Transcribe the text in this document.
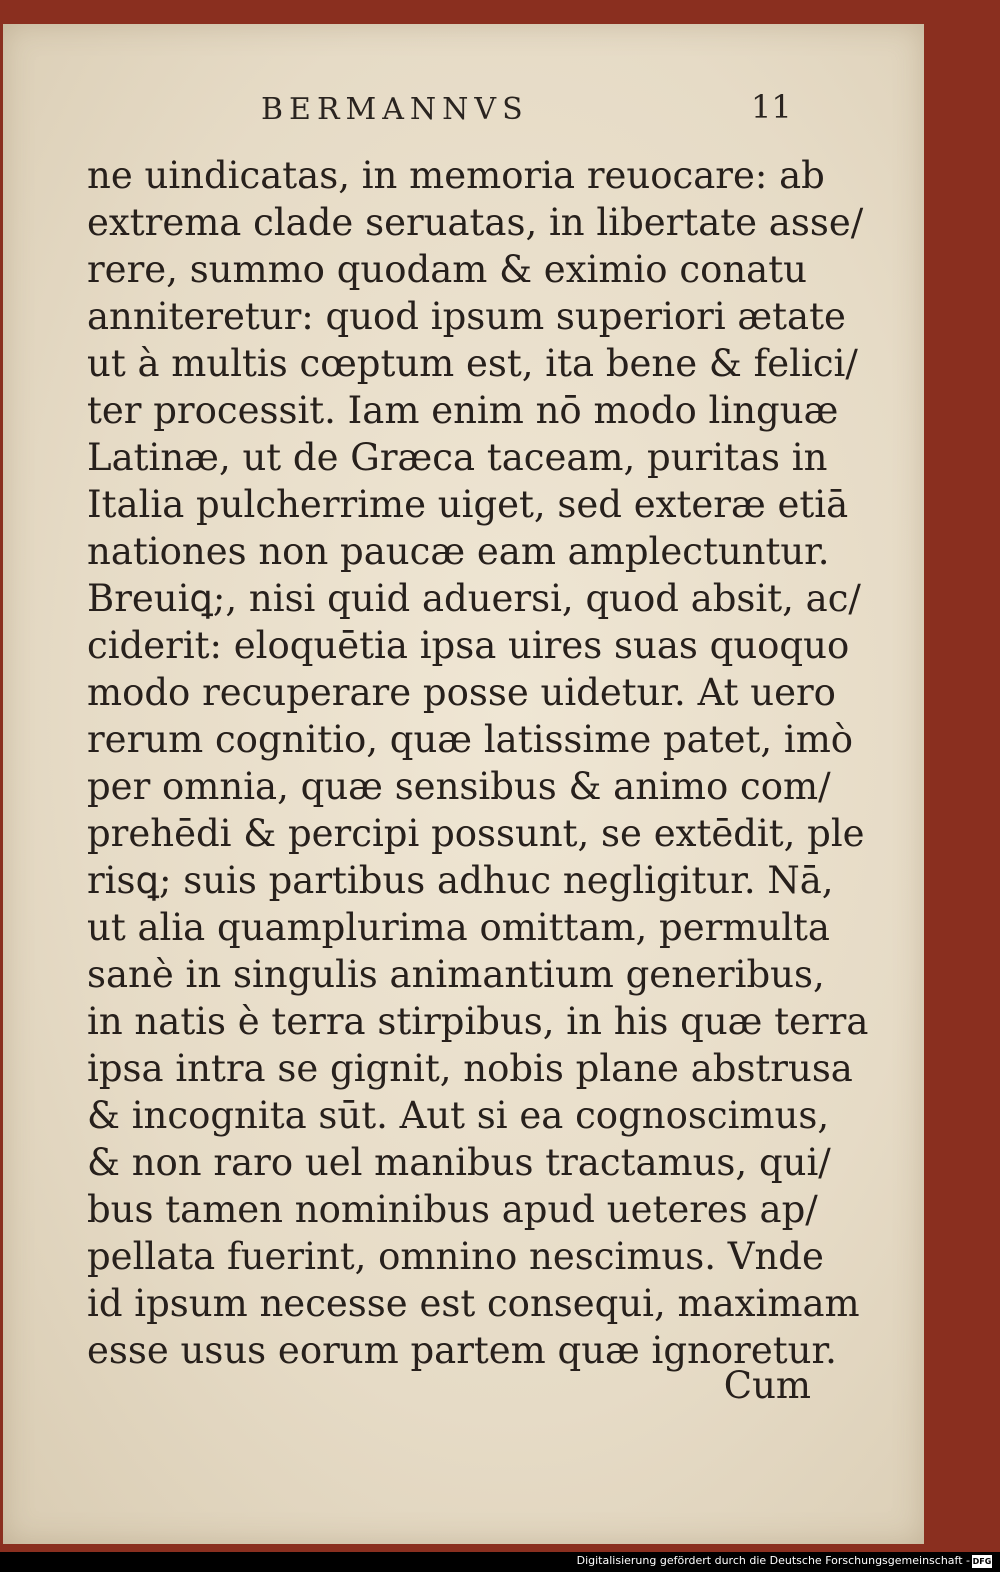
BERMANNVS	11
ne uindicatas, in memoria reuocare: ab
extrema clade seruatas, in libertate asse/
rere, summo quodam & eximio conatu
anniteretur: quod ipsum superiori ætate
ut à multis cœptum est, ita bene & felici/
ter processit. Iam enim nō modo linguæ
Latinæ, ut de Græca taceam, puritas in
Italia pulcherrime uiget, sed exteræ etiā
nationes non paucæ eam amplectuntur.
Breuiꝗ;, nisi quid aduersi, quod absit, ac/
ciderit: eloquētia ipsa uires suas quoquo
modo recuperare posse uidetur. At uero
rerum cognitio, quæ latissime patet, imò
per omnia, quæ sensibus & animo com/
prehēdi & percipi possunt, se extēdit, ple
risꝗ; suis partibus adhuc negligitur. Nā,
ut alia quamplurima omittam, permulta
sanè in singulis animantium generibus,
in natis è terra stirpibus, in his quæ terra
ipsa intra se gignit, nobis plane abstrusa
& incognita sūt. Aut si ea cognoscimus,
& non raro uel manibus tractamus, qui/
bus tamen nominibus apud ueteres ap/
pellata fuerint, omnino nescimus. Vnde
id ipsum necesse est consequi, maximam
esse usus eorum partem quæ ignoretur.
Cum
Digitalisierung gefördert durch die Deutsche Forschungsgemeinschaft - DFG
